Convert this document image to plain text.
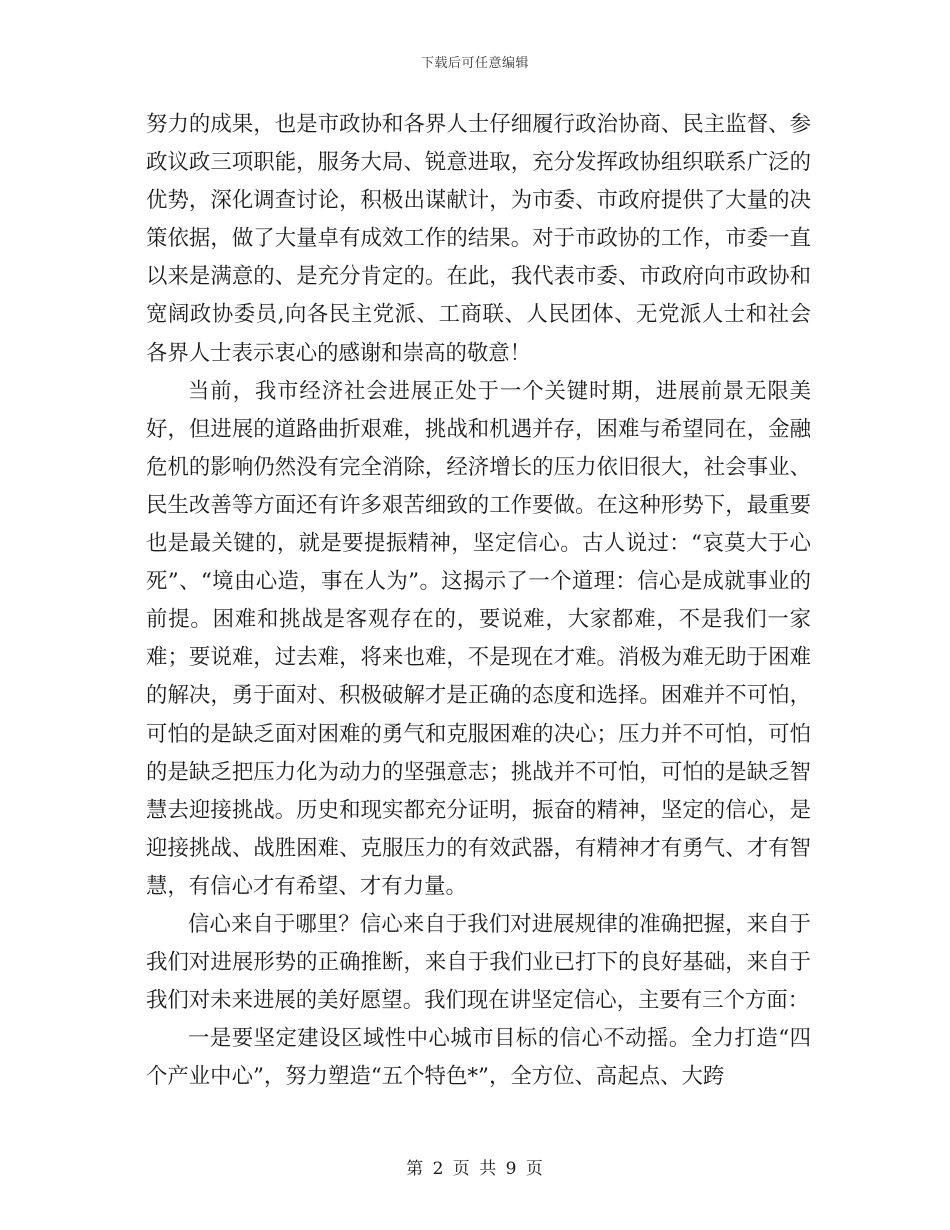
下载后可任意编辑

努力的成果，也是市政协和各界人士仔细履行政治协商、民主监督、参政议政三项职能，服务大局、锐意进取，充分发挥政协组织联系广泛的优势，深化调查讨论，积极出谋献计，为市委、市政府提供了大量的决策依据，做了大量卓有成效工作的结果。对于市政协的工作，市委一直以来是满意的、是充分肯定的。在此，我代表市委、市政府向市政协和宽阔政协委员,向各民主党派、工商联、人民团体、无党派人士和社会各界人士表示衷心的感谢和崇高的敬意！

当前，我市经济社会进展正处于一个关键时期，进展前景无限美好，但进展的道路曲折艰难，挑战和机遇并存，困难与希望同在，金融危机的影响仍然没有完全消除，经济增长的压力依旧很大，社会事业、民生改善等方面还有许多艰苦细致的工作要做。在这种形势下，最重要也是最关键的，就是要提振精神，坚定信心。古人说过：“哀莫大于心死”、“境由心造，事在人为”。这揭示了一个道理：信心是成就事业的前提。困难和挑战是客观存在的，要说难，大家都难，不是我们一家难；要说难，过去难，将来也难，不是现在才难。消极为难无助于困难的解决，勇于面对、积极破解才是正确的态度和选择。困难并不可怕，可怕的是缺乏面对困难的勇气和克服困难的决心；压力并不可怕，可怕的是缺乏把压力化为动力的坚强意志；挑战并不可怕，可怕的是缺乏智慧去迎接挑战。历史和现实都充分证明，振奋的精神，坚定的信心，是迎接挑战、战胜困难、克服压力的有效武器，有精神才有勇气、才有智慧，有信心才有希望、才有力量。

信心来自于哪里？信心来自于我们对进展规律的准确把握，来自于我们对进展形势的正确推断，来自于我们业已打下的良好基础，来自于我们对未来进展的美好愿望。我们现在讲坚定信心，主要有三个方面：

一是要坚定建设区域性中心城市目标的信心不动摇。全力打造“四个产业中心”，努力塑造“五个特色*”，全方位、高起点、大跨

第 2 页 共 9 页
